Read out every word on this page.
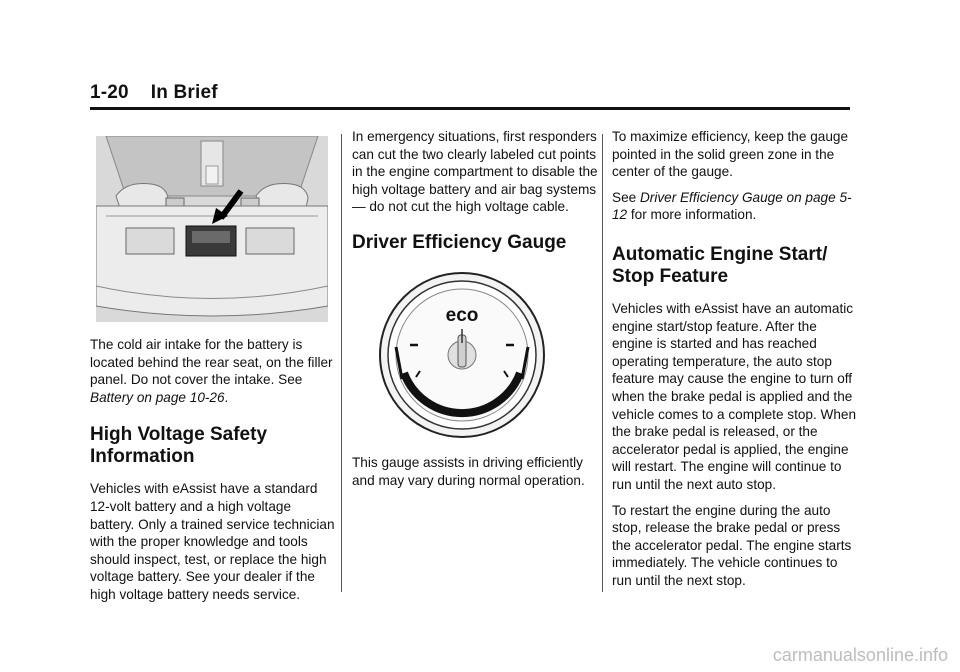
1-20    In Brief

The cold air intake for the battery is located behind the rear seat, on the filler panel. Do not cover the intake. See Battery on page 10-26.

High Voltage Safety
Information

Vehicles with eAssist have a standard 12-volt battery and a high voltage battery. Only a trained service technician with the proper knowledge and tools should inspect, test, or replace the high voltage battery. See your dealer if the high voltage battery needs service.

In emergency situations, first responders can cut the two clearly labeled cut points in the engine compartment to disable the high voltage battery and air bag systems — do not cut the high voltage cable.

Driver Efficiency Gauge
eco

This gauge assists in driving efficiently and may vary during normal operation.

To maximize efficiency, keep the gauge pointed in the solid green zone in the center of the gauge.

See Driver Efficiency Gauge on page 5-12 for more information.

Automatic Engine Start/
Stop Feature

Vehicles with eAssist have an automatic engine start/stop feature. After the engine is started and has reached operating temperature, the auto stop feature may cause the engine to turn off when the brake pedal is applied and the vehicle comes to a complete stop. When the brake pedal is released, or the accelerator pedal is applied, the engine will restart. The engine will continue to run until the next auto stop.

To restart the engine during the auto stop, release the brake pedal or press the accelerator pedal. The engine starts immediately. The vehicle continues to run until the next stop.

carmanualsonline.info
